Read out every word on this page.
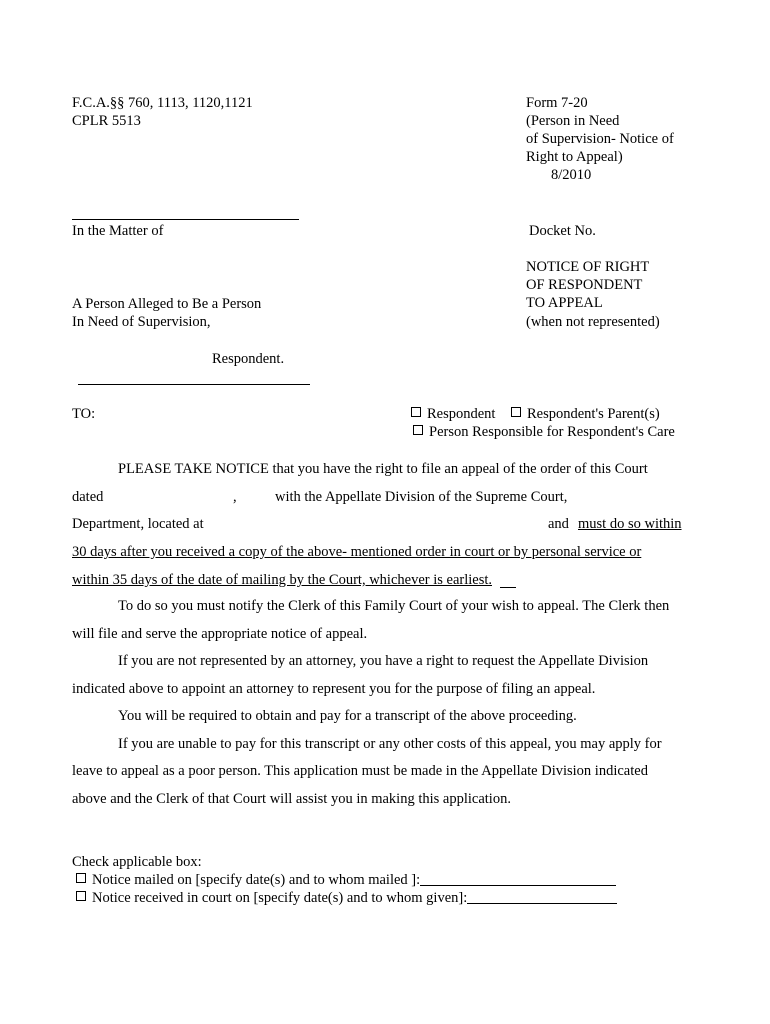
F.C.A.§§ 760, 1113, 1120,1121
CPLR 5513
Form 7-20
(Person in Need
of Supervision- Notice of
Right to Appeal)
8/2010
In the Matter of	Docket No.
NOTICE OF RIGHT
OF RESPONDENT
TO APPEAL
(when not represented)
A Person Alleged to Be a Person
In Need of Supervision,
Respondent.
TO:	Respondent	Respondent's Parent(s)
Person Responsible for Respondent's Care
PLEASE TAKE NOTICE that you have the right to file an appeal of the order of this Court
dated	,	with the Appellate Division of the Supreme Court,
Department, located at	and must do so within
30 days after you received a copy of the above- mentioned order in court or by personal service or
within 35 days of the date of mailing by the Court, whichever is earliest.
To do so you must notify the Clerk of this Family Court of your wish to appeal. The Clerk then
will file and serve the appropriate notice of appeal.
If you are not represented by an attorney, you have a right to request the Appellate Division
indicated above to appoint an attorney to represent you for the purpose of filing an appeal.
You will be required to obtain and pay for a transcript of the above proceeding.
If you are unable to pay for this transcript or any other costs of this appeal, you may apply for
leave to appeal as a poor person. This application must be made in the Appellate Division indicated
above and the Clerk of that Court will assist you in making this application.
Check applicable box:
Notice mailed on [specify date(s) and to whom mailed ]:
Notice received in court on [specify date(s) and to whom given]:
